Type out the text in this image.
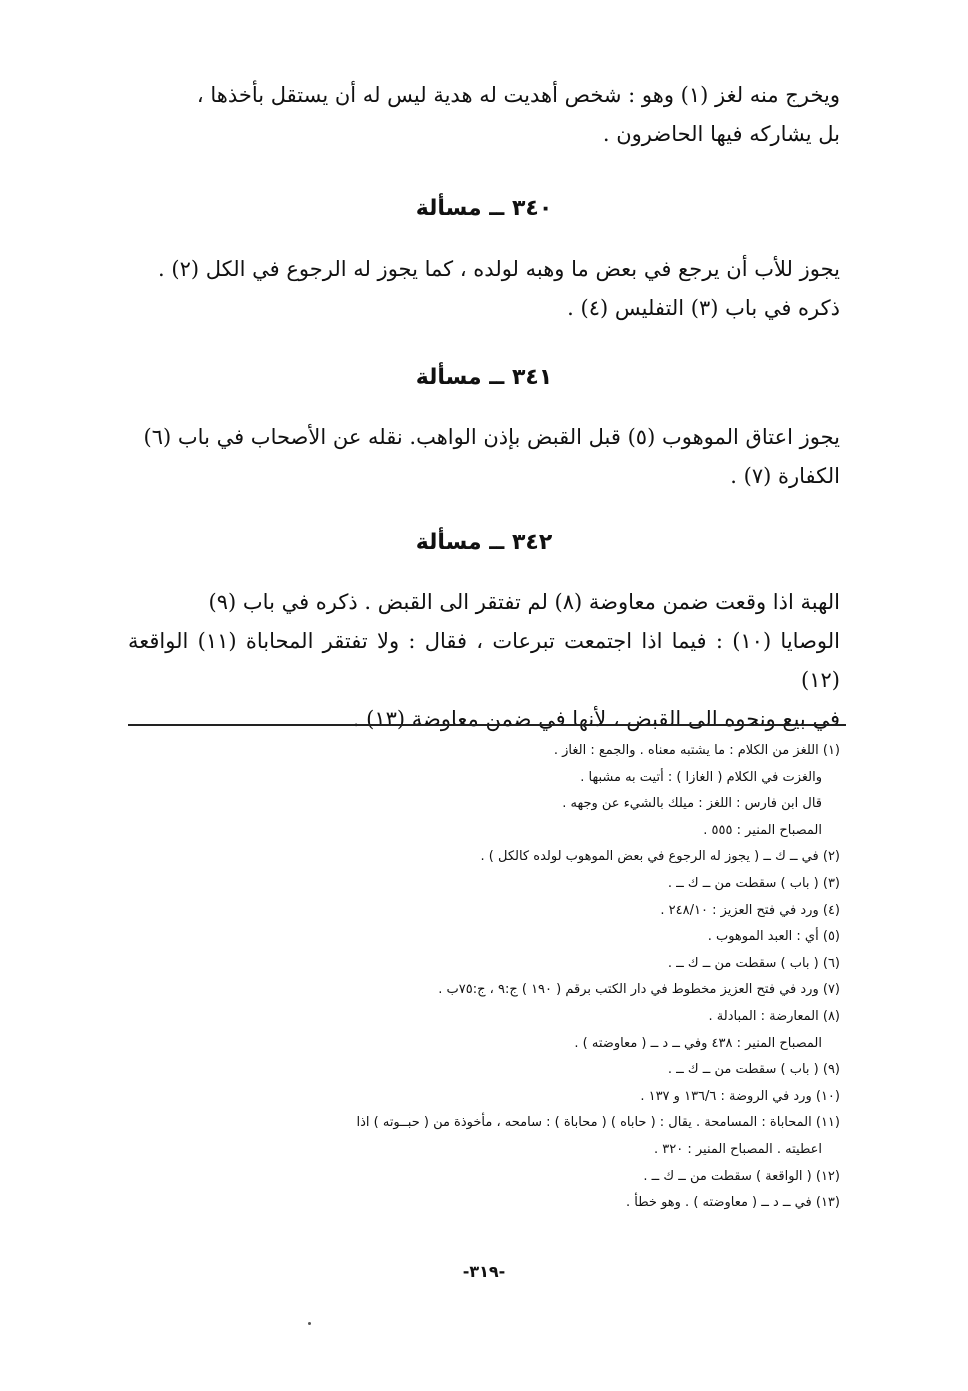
ويخرج منه لغز (١) وهو : شخص أهديت له هدية ليس له أن يستقل بأخذها ،
بل يشاركه فيها الحاضرون .
٣٤٠ ــ مسألة
يجوز للأب أن يرجع في بعض ما وهبه لولده ، كما يجوز له الرجوع في الكل (٢) .
ذكره في باب (٣) التفليس (٤) .
٣٤١ ــ مسألة
يجوز اعتاق الموهوب (٥) قبل القبض بإذن الواهب. نقله عن الأصحاب في باب (٦)
الكفارة (٧) .
٣٤٢ ــ مسألة
الهبة اذا وقعت ضمن معاوضة (٨) لم تفتقر الى القبض . ذكره في باب (٩)
الوصايا (١٠) : فيما اذا اجتمعت تبرعات ، فقال : ولا تفتقر المحاباة (١١) الواقعة (١٢)
في بيع ونحوه الى القبض ، لأنها في ضمن معاوضة (١٣) .

(١) اللغز من الكلام : ما يشتبه معناه . والجمع : الغاز .

والغزت في الكلام ( الغازا ) : أتيت به مشبها .

قال ابن فارس : اللغز : ميلك بالشيء عن وجهه .

المصباح المنير : ٥٥٥ .

(٢) في ــ ك ــ ( يجوز له الرجوع في بعض الموهوب لولده كالكل ) .

(٣) ( باب ) سقطت من ــ ك ــ .

(٤) ورد في فتح العزيز : ٢٤٨/١٠ .

(٥) أي : العبد الموهوب .

(٦) ( باب ) سقطت من ــ ك ــ .

(٧) ورد في فتح العزيز مخطوط في دار الكتب برقم ( ١٩٠ ) ج:٩ ، ج:٧٥ب .

(٨) المعارضة : المبادلة .

المصباح المنير : ٤٣٨ وفي ــ د ــ ( معاوضته ) .

(٩) ( باب ) سقطت من ــ ك ــ .

(١٠) ورد في الروضة : ١٣٦/٦ و ١٣٧ .

(١١) المحاباة : المسامحة . يقال : ( حاباه ) ( محاباة ) : سامحه ، مأخوذة من ( حبــوته ) اذا

اعطيته . المصباح المنير : ٣٢٠ .

(١٢) ( الواقعة ) سقطت من ــ ك ــ .

(١٣) في ــ د ــ ( معاوضته ) . وهو خطأ .

-٣١٩-
